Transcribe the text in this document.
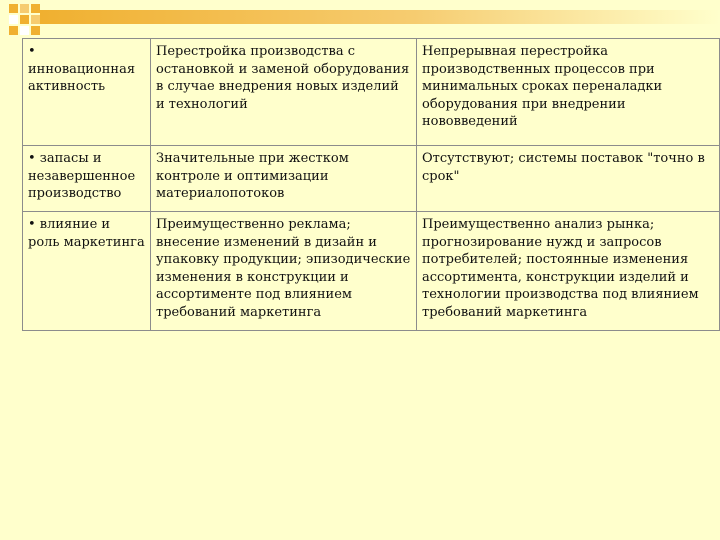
• инновационная активность	Перестройка производства с остановкой и заменой оборудования в случае внедрения новых изделий и технологий	Непрерывная перестройка производственных процессов при минимальных сроках переналадки оборудования при внедрении нововведений
• запасы и незавершенное производство	Значительные при жестком контроле и оптимизации материалопотоков	Отсутствуют; системы поставок "точно в срок"
• влияние и роль маркетинга	Преимущественно реклама; внесение изменений в дизайн и упаковку продукции; эпизодические изменения в конструкции и ассортименте под влиянием требований маркетинга	Преимущественно анализ рынка; прогнозирование нужд и запросов потребителей; постоянные изменения ассортимента, конструкции изделий и технологии производства под влиянием требований маркетинга
